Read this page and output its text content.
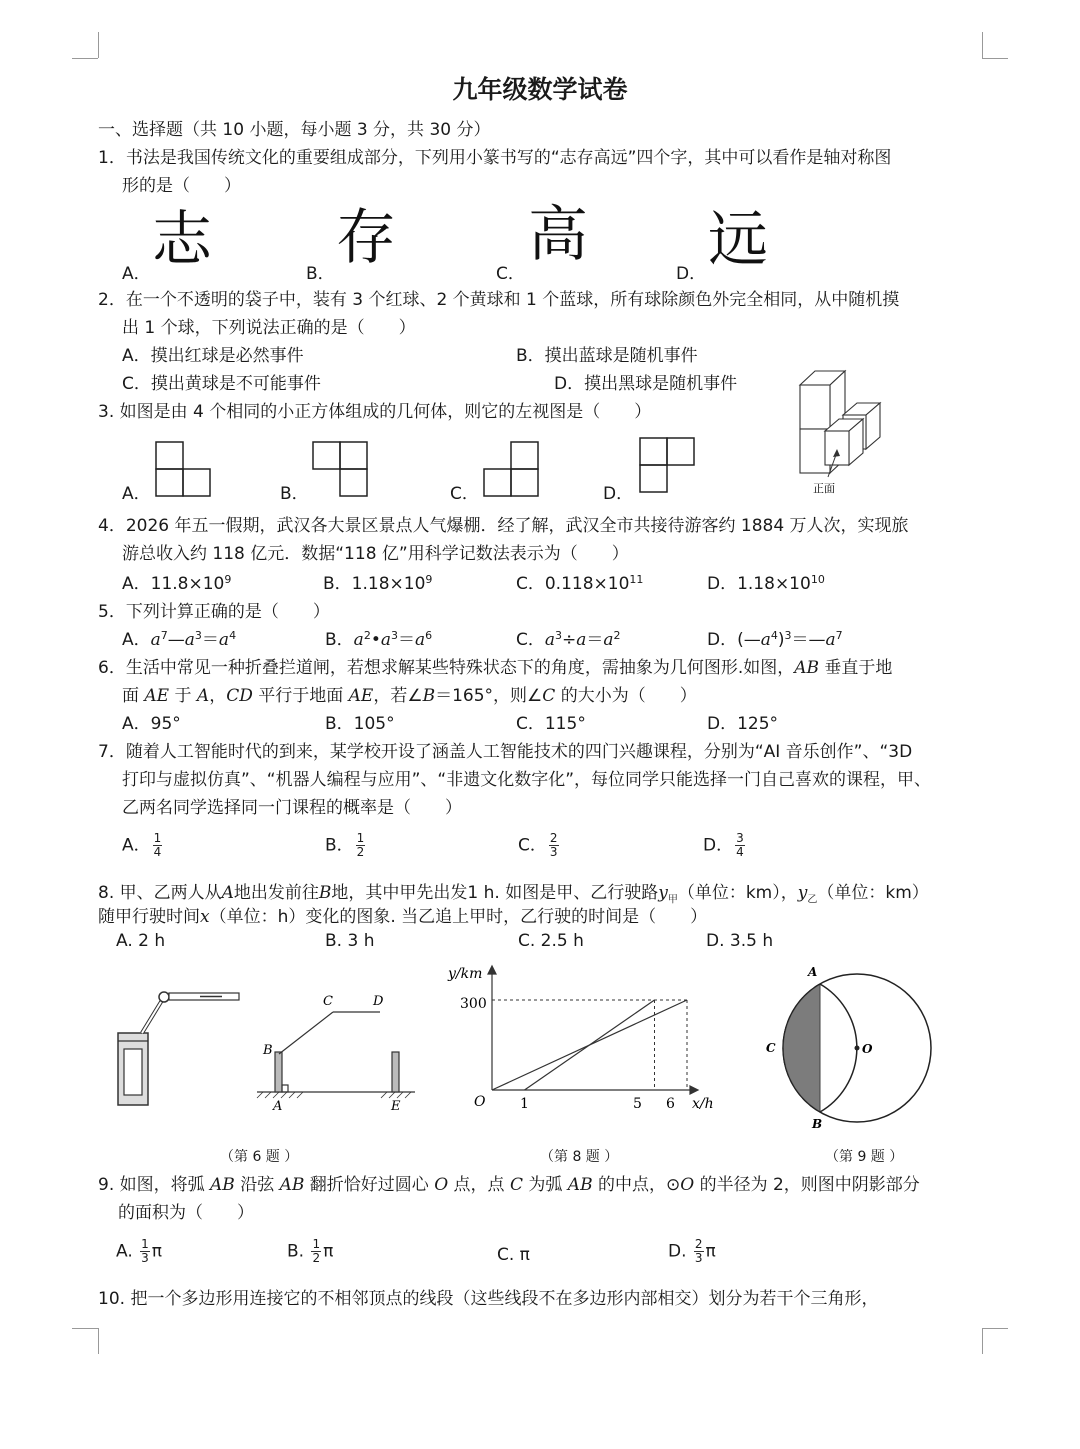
九年级数学试卷
一、选择题（共 10 小题，每小题 3 分，共 30 分）
1．书法是我国传统文化的重要组成部分，下列用小篆书写的“志存高远”四个字，其中可以看作是轴对称图
形的是（　　）
A．	B．	C．	D．
志 存 高 远
2．在一个不透明的袋子中，装有 3 个红球、2 个黄球和 1 个蓝球，所有球除颜色外完全相同，从中随机摸
出 1 个球，下列说法正确的是（　　）
A．摸出红球是必然事件	B．摸出蓝球是随机事件
C．摸出黄球是不可能事件	D．摸出黑球是随机事件
3. 如图是由 4 个相同的小正方体组成的几何体，则它的左视图是（　　）
A．	B．	C．	D．	正面
4．2026 年五一假期，武汉各大景区景点人气爆棚．经了解，武汉全市共接待游客约 1884 万人次，实现旅
游总收入约 118 亿元．数据“118 亿”用科学记数法表示为（　　）
A．$11.8\times 10^9$	B．$1.18\times 10^9$	C．$0.118\times 10^{11}$	D．$1.18\times 10^{10}$
5．下列计算正确的是（　　）
A．$a^7—a^3=a^4$	B．$a^2•a^3=a^6$	C．$a^3\div a=a^2$	D．$(—a^4)^3=—a^7$
6．生活中常见一种折叠拦道闸，若想求解某些特殊状态下的角度，需抽象为几何图形.如图，AB 垂直于地
面 AE 于 A，CD 平行于地面 AE，若∠B＝165°，则∠C 的大小为（　　）
A．95°	B．105°	C．115°	D．125°
7．随着人工智能时代的到来，某学校开设了涵盖人工智能技术的四门兴趣课程，分别为“AI 音乐创作”、“3D
打印与虚拟仿真”、“机器人编程与应用”、“非遗文化数字化”，每位同学只能选择一门自己喜欢的课程，甲、
乙两名同学选择同一门课程的概率是（　　）
A． $\frac{1}{4}$	B． $\frac{1}{2}$	C． $\frac{2}{3}$	D． $\frac{3}{4}$
8. 甲、乙两人从A地出发前往B地，其中甲先出发1 h. 如图是甲、乙行驶路$y_甲$（单位：km），$y_乙$（单位：km）
随甲行驶时间x（单位：h）变化的图象. 当乙追上甲时，乙行驶的时间是（　　）
A. 2 h	B. 3 h	C. 2.5 h	D. 3.5 h
B
C	D
A	E
y/km
x/h
O
300
1	5 6
A
B
C	O
（第 6 题 ）	（第 8 题 ）	（第 9 题 ）
9. 如图，将弧 AB 沿弦 AB 翻折恰好过圆心 O 点，点 C 为弧 AB 的中点，⊙O 的半径为 2，则图中阴影部分
的面积为（　　）
A. $\frac{1}{3}$ π	B. $\frac{1}{2}$ π	C. π	D. $\frac{2}{3}$ π
10. 把一个多边形用连接它的不相邻顶点的线段（这些线段不在多边形内部相交）划分为若干个三角形，
